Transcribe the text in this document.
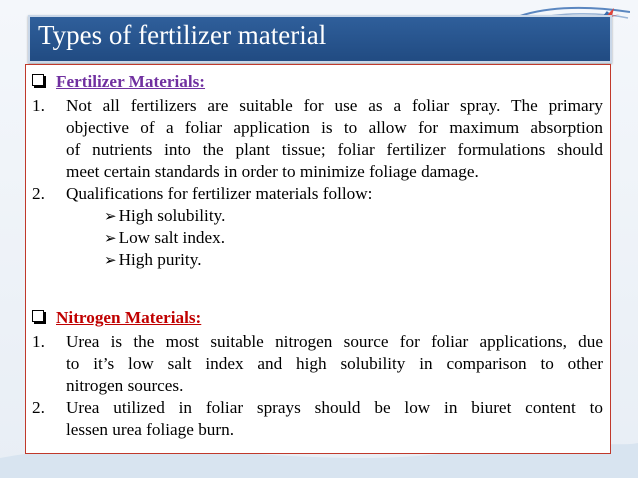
Types of fertilizer material
Fertilizer Materials:
1. Not all fertilizers are suitable for use as a foliar spray. The primary
objective of a foliar application is to allow for maximum absorption
of nutrients into the plant tissue; foliar fertilizer formulations should
meet certain standards in order to minimize foliage damage.
2. Qualifications for fertilizer materials follow:
➢ High solubility.
➢ Low salt index.
➢ High purity.
Nitrogen Materials:
1. Urea is the most suitable nitrogen source for foliar applications, due
to it’s low salt index and high solubility in comparison to other
nitrogen sources.
2. Urea utilized in foliar sprays should be low in biuret content to
lessen urea foliage burn.
